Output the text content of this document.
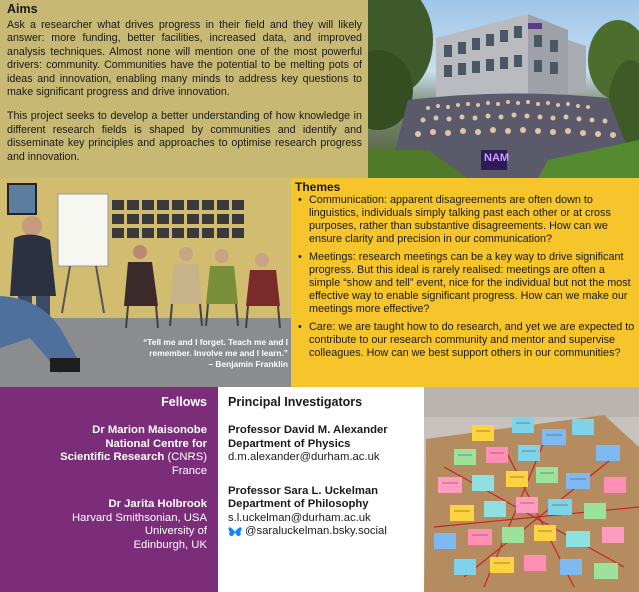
Aims

Ask a researcher what drives progress in their field and they will likely answer: more funding, better facilities, increased data, and improved analysis techniques. Almost none will mention one of the most powerful drivers: community. Communities have the potential to be melting pots of ideas and innovation, enabling many minds to address key questions to make significant progress and drive innovation.

This project seeks to develop a better understanding of how knowledge in different research fields is shaped by communities and identify and disseminate key principles and approaches to optimise research progress and innovation.	NAM
“Tell me and I forget. Teach me and I remember. Involve me and I learn.”
– Benjamin Franklin
Themes
• Communication: apparent disagreements are often down to linguistics, individuals simply talking past each other or at cross purposes, rather than substantive disagreements. How can we ensure clarity and precision in our communication?
• Meetings: research meetings can be a key way to drive significant progress. But this ideal is rarely realised: meetings are often a simple “show and tell” event, nice for the individual but not the most effective way to enable significant progress. How can we make our meetings more effective?
• Care: we are taught how to do research, and yet we are expected to contribute to our research community and mentor and supervise colleagues. How can we best support others in our communities?
Fellows
Dr Marion Maisonobe
National Centre for
Scientific Research (CNRS)
France
Dr Jarita Holbrook
Harvard Smithsonian, USA
University of
Edinburgh, UK
Principal Investigators
Professor David M. Alexander
Department of Physics
d.m.alexander@durham.ac.uk
Professor Sara L. Uckelman
Department of Philosophy
s.l.uckelman@durham.ac.uk
@saraluckelman.bsky.social
